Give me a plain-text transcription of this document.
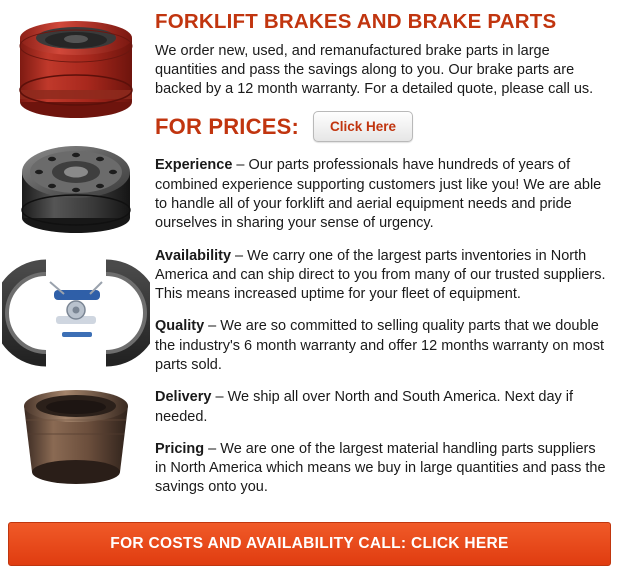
FORKLIFT BRAKES AND BRAKE PARTS

We order new, used, and remanufactured brake parts in large quantities and pass the savings along to you. Our brake parts are backed by a 12 month warranty. For a detailed quote, please call us.

FOR PRICES:	Click Here

Experience – Our parts professionals have hundreds of years of combined experience supporting customers just like you! We are able to handle all of your forklift and aerial equipment needs and pride ourselves in sharing your sense of urgency.

Availability – We carry one of the largest parts inventories in North America and can ship direct to you from many of our trusted suppliers. This means increased uptime for your fleet of equipment.

Quality – We are so committed to selling quality parts that we double the industry's 6 month warranty and offer 12 months warranty on most parts sold.

Delivery – We ship all over North and South America. Next day if needed.

Pricing – We are one of the largest material handling parts suppliers in North America which means we buy in large quantities and pass the savings onto you.

FOR COSTS AND AVAILABILITY CALL: CLICK HERE
